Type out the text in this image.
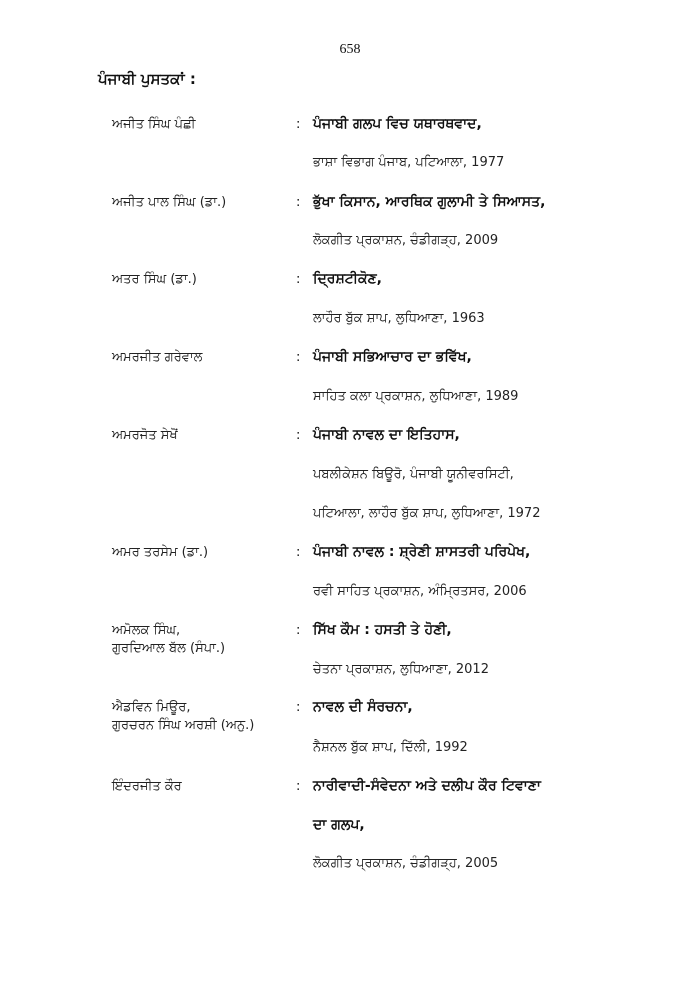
658
ਪੰਜਾਬੀ ਪੁਸਤਕਾਂ :
ਅਜੀਤ ਸਿੰਘ ਪੰਛੀ	: ਪੰਜਾਬੀ ਗਲਪ ਵਿਚ ਯਥਾਰਥਵਾਦ,
ਭਾਸ਼ਾ ਵਿਭਾਗ ਪੰਜਾਬ, ਪਟਿਆਲਾ, 1977
ਅਜੀਤ ਪਾਲ ਸਿੰਘ (ਡਾ.)	: ਭੁੱਖਾ ਕਿਸਾਨ, ਆਰਥਿਕ ਗੁਲਾਮੀ ਤੇ ਸਿਆਸਤ,
ਲੋਕਗੀਤ ਪ੍ਰਕਾਸ਼ਨ, ਚੰਡੀਗੜ੍ਹ, 2009
ਅਤਰ ਸਿੰਘ (ਡਾ.)	: ਦ੍ਰਿਸ਼ਟੀਕੋਣ,
ਲਾਹੌਰ ਬੁੱਕ ਸ਼ਾਪ, ਲੁਧਿਆਣਾ, 1963
ਅਮਰਜੀਤ ਗਰੇਵਾਲ	: ਪੰਜਾਬੀ ਸਭਿਆਚਾਰ ਦਾ ਭਵਿੱਖ,
ਸਾਹਿਤ ਕਲਾ ਪ੍ਰਕਾਸ਼ਨ, ਲੁਧਿਆਣਾ, 1989
ਅਮਰਜੋਤ ਸੇਖੋਂ	: ਪੰਜਾਬੀ ਨਾਵਲ ਦਾ ਇਤਿਹਾਸ,
ਪਬਲੀਕੇਸ਼ਨ ਬਿਊਰੋ, ਪੰਜਾਬੀ ਯੂਨੀਵਰਸਿਟੀ,
ਪਟਿਆਲਾ, ਲਾਹੌਰ ਬੁੱਕ ਸ਼ਾਪ, ਲੁਧਿਆਣਾ, 1972
ਅਮਰ ਤਰਸੇਮ (ਡਾ.)	: ਪੰਜਾਬੀ ਨਾਵਲ : ਸ਼੍ਰੇਣੀ ਸ਼ਾਸਤਰੀ ਪਰਿਪੇਖ,
ਰਵੀ ਸਾਹਿਤ ਪ੍ਰਕਾਸ਼ਨ, ਅੰਮ੍ਰਿਤਸਰ, 2006
ਅਮੋਲਕ ਸਿੰਘ,
ਗੁਰਦਿਆਲ ਬੱਲ (ਸੰਪਾ.)
: ਸਿੱਖ ਕੌਮ : ਹਸਤੀ ਤੇ ਹੋਣੀ,
ਚੇਤਨਾ ਪ੍ਰਕਾਸ਼ਨ, ਲੁਧਿਆਣਾ, 2012
ਐਡਵਿਨ ਮਿਊਰ,
ਗੁਰਚਰਨ ਸਿੰਘ ਅਰਸ਼ੀ (ਅਨੁ.)
: ਨਾਵਲ ਦੀ ਸੰਰਚਨਾ,
ਨੈਸ਼ਨਲ ਬੁੱਕ ਸ਼ਾਪ, ਦਿੱਲੀ, 1992
ਇੰਦਰਜੀਤ ਕੌਰ	: ਨਾਰੀਵਾਦੀ-ਸੰਵੇਦਨਾ ਅਤੇ ਦਲੀਪ ਕੌਰ ਟਿਵਾਣਾ
ਦਾ ਗਲਪ,
ਲੋਕਗੀਤ ਪ੍ਰਕਾਸ਼ਨ, ਚੰਡੀਗੜ੍ਹ, 2005
